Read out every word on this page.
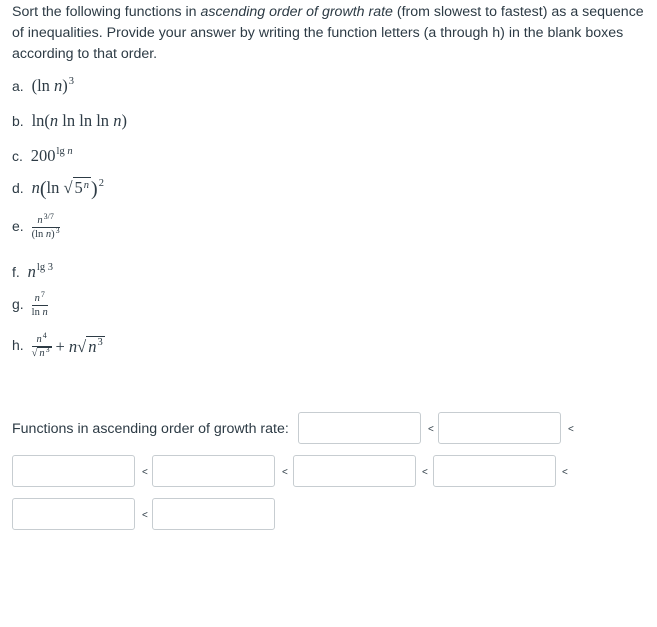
Sort the following functions in ascending order of growth rate (from slowest to fastest) as a sequence of inequalities. Provide your answer by writing the function letters (a through h) in the blank boxes according to that order.
a. (ln n)$^3$
b. ln(n ln ln ln n)
c. $200^{lg n}$
d. n(ln √ 5$^n$ )$^2$
e. $\frac{n^{3/7}}{(\ln n)^3}$
f. $n^{lg 3}$
g. $\frac{n^7}{\text{ln n}}$
h. $\frac{n^4}{√ n^3} + n√$ $n^3$
Functions in ascending order of growth rate:	<	<
<	<	<	<
<
